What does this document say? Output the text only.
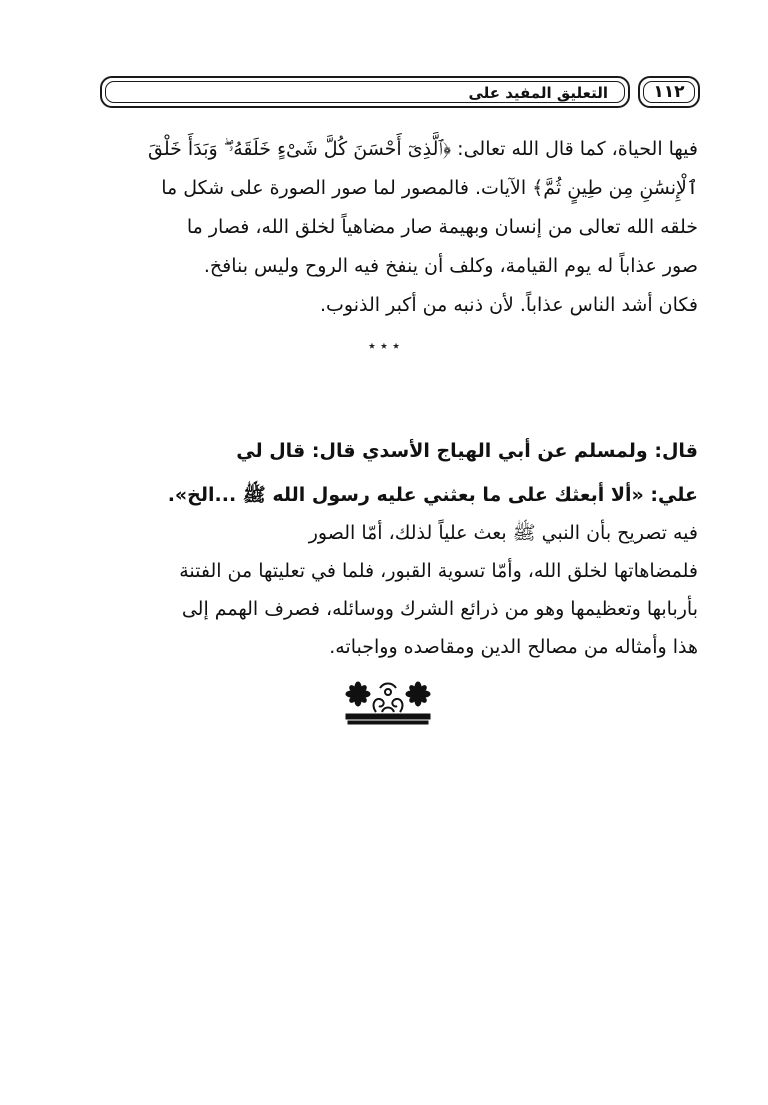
التعليق المفيد على	١١٢
فيها الحياة، كما قال الله تعالى: ﴿ٱلَّذِىٓ أَحْسَنَ كُلَّ شَىْءٍ خَلَقَهُۥ ۖ وَبَدَأَ خَلْقَ
ٱلْإِنسَٰنِ مِن طِينٍ ثُمَّ﴾ الآيات. فالمصور لما صور الصورة على شكل ما
خلقه الله تعالى من إنسان وبهيمة صار مضاهياً لخلق الله، فصار ما
صور عذاباً له يوم القيامة، وكلف أن ينفخ فيه الروح وليس بنافخ.
فكان أشد الناس عذاباً. لأن ذنبه من أكبر الذنوب.
٭ ٭ ٭
قال: ولمسلم عن أبي الهياج الأسدي قال: قال لي
علي: «ألا أبعثك على ما بعثني عليه رسول الله ﷺ ...الخ».
فيه تصريح بأن النبي ﷺ بعث علياً لذلك، أمّا الصور
فلمضاهاتها لخلق الله، وأمّا تسوية القبور، فلما في تعليتها من الفتنة
بأربابها وتعظيمها وهو من ذرائع الشرك ووسائله، فصرف الهمم إلى
هذا وأمثاله من مصالح الدين ومقاصده وواجباته.
